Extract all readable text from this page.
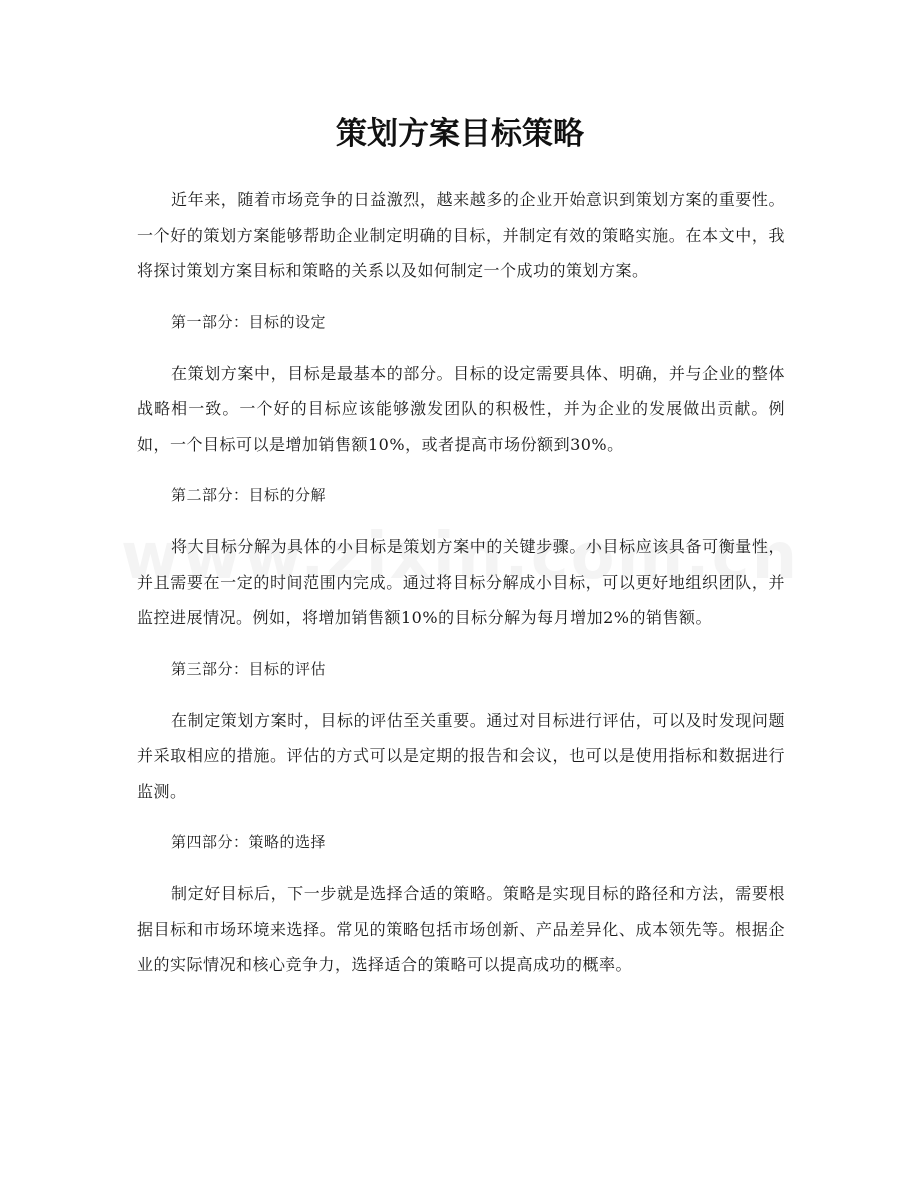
策划方案目标策略

近年来，随着市场竞争的日益激烈，越来越多的企业开始意识到策划方案的重要性。一个好的策划方案能够帮助企业制定明确的目标，并制定有效的策略实施。在本文中，我将探讨策划方案目标和策略的关系以及如何制定一个成功的策划方案。

第一部分：目标的设定

在策划方案中，目标是最基本的部分。目标的设定需要具体、明确，并与企业的整体战略相一致。一个好的目标应该能够激发团队的积极性，并为企业的发展做出贡献。例如，一个目标可以是增加销售额10%，或者提高市场份额到30%。

第二部分：目标的分解

将大目标分解为具体的小目标是策划方案中的关键步骤。小目标应该具备可衡量性，并且需要在一定的时间范围内完成。通过将目标分解成小目标，可以更好地组织团队，并监控进展情况。例如，将增加销售额10%的目标分解为每月增加2%的销售额。

第三部分：目标的评估

在制定策划方案时，目标的评估至关重要。通过对目标进行评估，可以及时发现问题并采取相应的措施。评估的方式可以是定期的报告和会议，也可以是使用指标和数据进行监测。

第四部分：策略的选择

制定好目标后，下一步就是选择合适的策略。策略是实现目标的路径和方法，需要根据目标和市场环境来选择。常见的策略包括市场创新、产品差异化、成本领先等。根据企业的实际情况和核心竞争力，选择适合的策略可以提高成功的概率。
